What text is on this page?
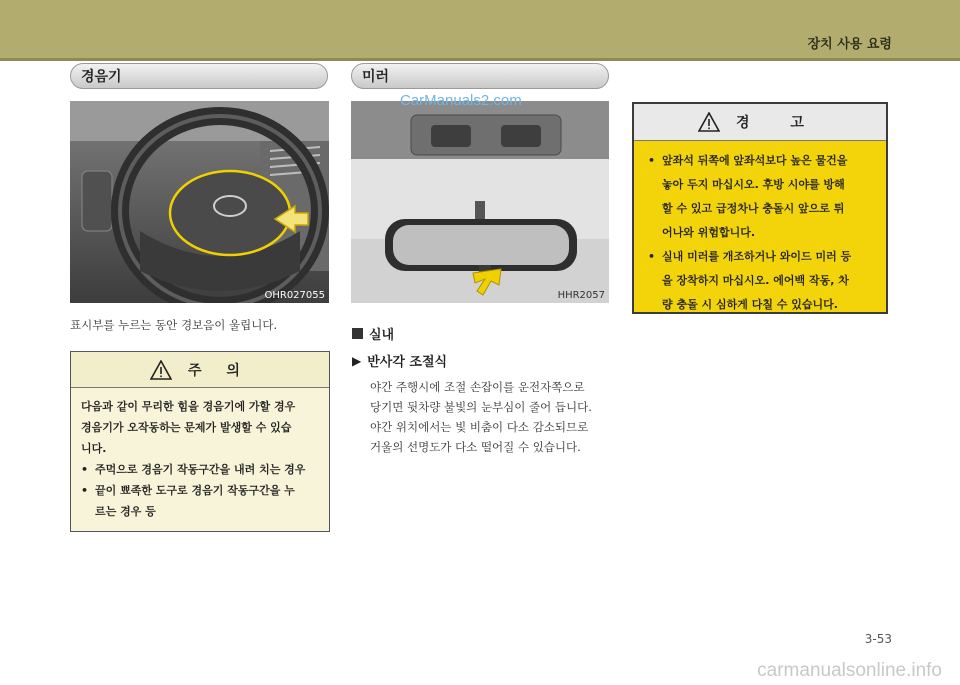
장치 사용 요령
경음기
OHR027055
표시부를 누르는 동안 경보음이 울립니다.
주 의
다음과 같이 무리한 힘을 경음기에 가할 경우
경음기가 오작동하는 문제가 발생할 수 있습
니다.
• 주먹으로 경음기 작동구간을 내려 치는 경우
• 끝이 뾰족한 도구로 경음기 작동구간을 누
르는 경우 등
미러
HHR2057
CarManuals2.com
실내
▶ 반사각 조절식
야간 주행시에 조절 손잡이를 운전자쪽으로
당기면 뒷차량 불빛의 눈부심이 줄어 듭니다.
야간 위치에서는 빛 비춤이 다소 감소되므로
거울의 선명도가 다소 떨어질 수 있습니다.
경 고
• 앞좌석 뒤쪽에 앞좌석보다 높은 물건을
놓아 두지 마십시오. 후방 시야를 방해
할 수 있고 급정차나 충돌시 앞으로 튀
어나와 위험합니다.
• 실내 미러를 개조하거나 와이드 미러 등
을 장착하지 마십시오. 에어백 작동, 차
량 충돌 시 심하게 다칠 수 있습니다.
3-53
carmanualsonline.info
